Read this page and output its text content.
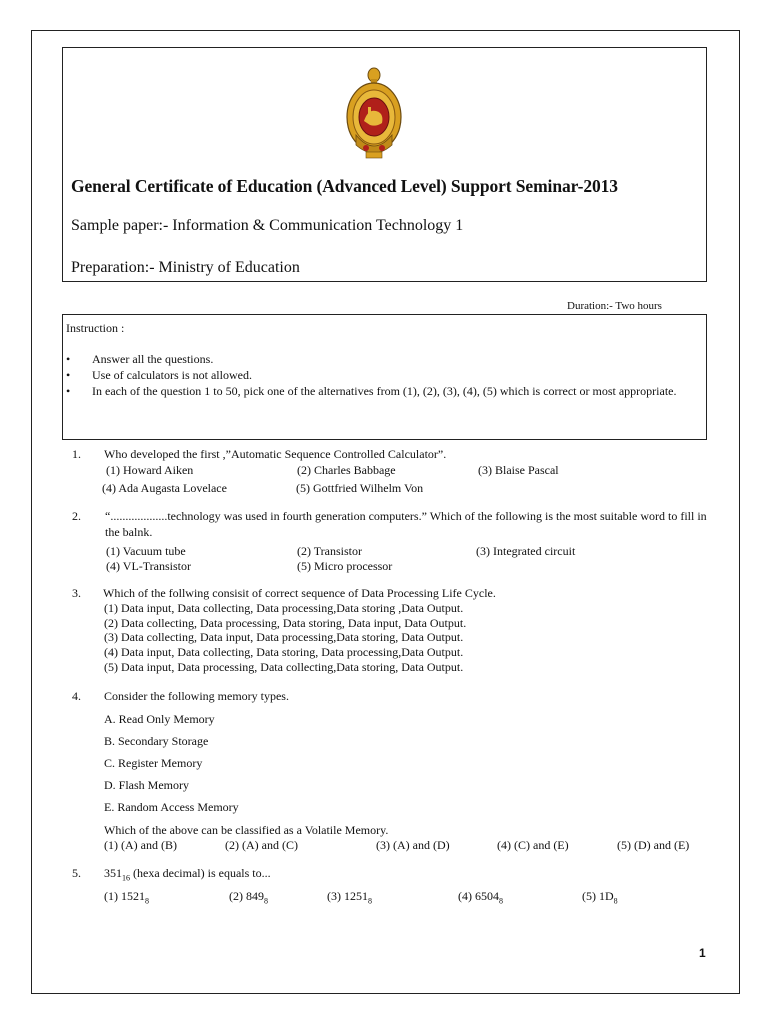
General Certificate of Education (Advanced Level) Support Seminar-2013
Sample paper:- Information & Communication Technology 1
Preparation:- Ministry of Education
Duration:- Two hours
Instruction :
• Answer all the questions.
• Use of calculators is not allowed.
• In each of the question 1 to 50, pick one of the alternatives from (1), (2), (3), (4), (5) which is correct or most appropriate.
1. Who developed the first ,”Automatic Sequence Controlled Calculator”.
(1) Howard Aiken	(2) Charles Babbage	(3) Blaise Pascal
(4) Ada Augasta Lovelace	(5) Gottfried Wilhelm Von
2. “...................technology was used in fourth generation computers.” Which of the following is the most suitable word to fill in the balnk.
(1) Vacuum tube	(2) Transistor	(3) Integrated circuit
(4) VL-Transistor	(5) Micro processor
3. Which of the follwing consisit of correct sequence of Data Processing Life Cycle.
(1) Data input, Data collecting, Data processing,Data storing ,Data Output.
(2) Data collecting, Data processing, Data storing, Data input, Data Output.
(3) Data collecting, Data input, Data processing,Data storing, Data Output.
(4) Data input, Data collecting, Data storing, Data processing,Data Output.
(5) Data input, Data processing, Data collecting,Data storing, Data Output.
4. Consider the following memory types.
A. Read Only Memory
B. Secondary Storage
C. Register Memory
D. Flash Memory
E. Random Access Memory
Which of the above can be classified as a Volatile Memory.
(1) (A) and (B)	(2) (A) and (C)	(3) (A) and (D)	(4) (C) and (E)	(5) (D) and (E)
5. $351_{16}$ (hexa decimal) is equals to...
(1) $1521_8$	(2) $849_8$	(3) $1251_8$	(4) $6504_8$	(5) $1D_8$
1
